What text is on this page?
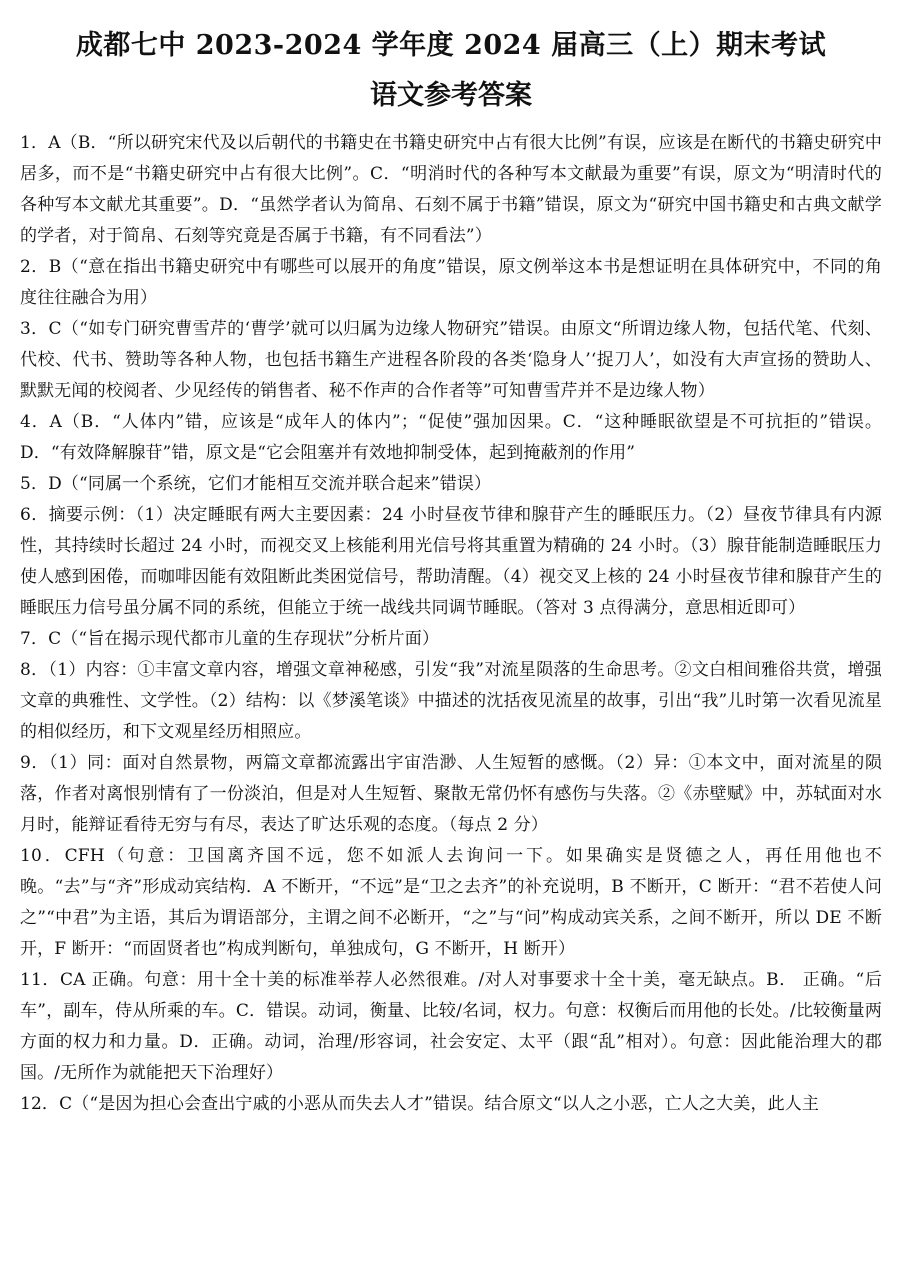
成都七中 2023-2024 学年度 2024 届高三（上）期末考试
语文参考答案

1．A（B．“所以研究宋代及以后朝代的书籍史在书籍史研究中占有很大比例”有误，应该是在断代的书籍史研究中居多，而不是“书籍史研究中占有很大比例”。C．“明消时代的各种写本文献最为重要”有误，原文为“明清时代的各种写本文献尤其重要”。D．“虽然学者认为简帛、石刻不属于书籍”错误，原文为“研究中国书籍史和古典文献学的学者，对于简帛、石刻等究竟是否属于书籍，有不同看法”）

2．B（“意在指出书籍史研究中有哪些可以展开的角度”错误，原文例举这本书是想证明在具体研究中，不同的角度往往融合为用）

3．C（“如专门研究曹雪芹的‘曹学’就可以归属为边缘人物研究”错误。由原文“所谓边缘人物，包括代笔、代刻、代校、代书、赞助等各种人物，也包括书籍生产进程各阶段的各类‘隐身人’‘捉刀人’，如没有大声宣扬的赞助人、默默无闻的校阅者、少见经传的销售者、秘不作声的合作者等”可知曹雪芹并不是边缘人物）

4．A（B．“人体内”错，应该是“成年人的体内”；“促使”强加因果。C．“这种睡眠欲望是不可抗拒的”错误。D．“有效降解腺苷”错，原文是“它会阻塞并有效地抑制受体，起到掩蔽剂的作用”

5．D（“同属一个系统，它们才能相互交流并联合起来”错误）

6．摘要示例：（1）决定睡眠有两大主要因素：24 小时昼夜节律和腺苷产生的睡眠压力。（2）昼夜节律具有内源性，其持续时长超过 24 小时，而视交叉上核能利用光信号将其重置为精确的 24 小时。（3）腺苷能制造睡眠压力使人感到困倦，而咖啡因能有效阻断此类困觉信号，帮助清醒。（4）视交叉上核的 24 小时昼夜节律和腺苷产生的睡眠压力信号虽分属不同的系统，但能立于统一战线共同调节睡眠。（答对 3 点得满分，意思相近即可）

7．C（“旨在揭示现代都市儿童的生存现状”分析片面）

8．（1）内容：①丰富文章内容，增强文章神秘感，引发“我”对流星陨落的生命思考。②文白相间雅俗共赏，增强文章的典雅性、文学性。（2）结构：以《梦溪笔谈》中描述的沈括夜见流星的故事，引出“我”儿时第一次看见流星的相似经历，和下文观星经历相照应。

9．（1）同：面对自然景物，两篇文章都流露出宇宙浩渺、人生短暂的感慨。（2）异：①本文中，面对流星的陨落，作者对离恨别情有了一份淡泊，但是对人生短暂、聚散无常仍怀有感伤与失落。②《赤壁赋》中，苏轼面对水月时，能辩证看待无穷与有尽，表达了旷达乐观的态度。（每点 2 分）

10．CFH（句意：卫国离齐国不远，您不如派人去询问一下。如果确实是贤德之人，再任用他也不晚。“去”与“齐”形成动宾结构．A 不断开，“不远”是“卫之去齐”的补充说明，B 不断开，C 断开：“君不若使人问之”“中君”为主语，其后为谓语部分，主谓之间不必断开，“之”与“问”构成动宾关系，之间不断开，所以 DE 不断开，F 断开：“而固贤者也”构成判断句，单独成句，G 不断开，H 断开）

11．CA 正确。句意：用十全十美的标准举荐人必然很难。/对人对事要求十全十美，毫无缺点。B． 正确。“后车”，副车，侍从所乘的车。C．错误。动词，衡量、比较/名词，权力。句意：权衡后而用他的长处。/比较衡量两方面的权力和力量。D．正确。动词，治理/形容词，社会安定、太平（跟“乱”相对）。句意：因此能治理大的郡国。/无所作为就能把天下治理好）

12．C（“是因为担心会查出宁戚的小恶从而失去人才”错误。结合原文“以人之小恶，亡人之大美，此人主
